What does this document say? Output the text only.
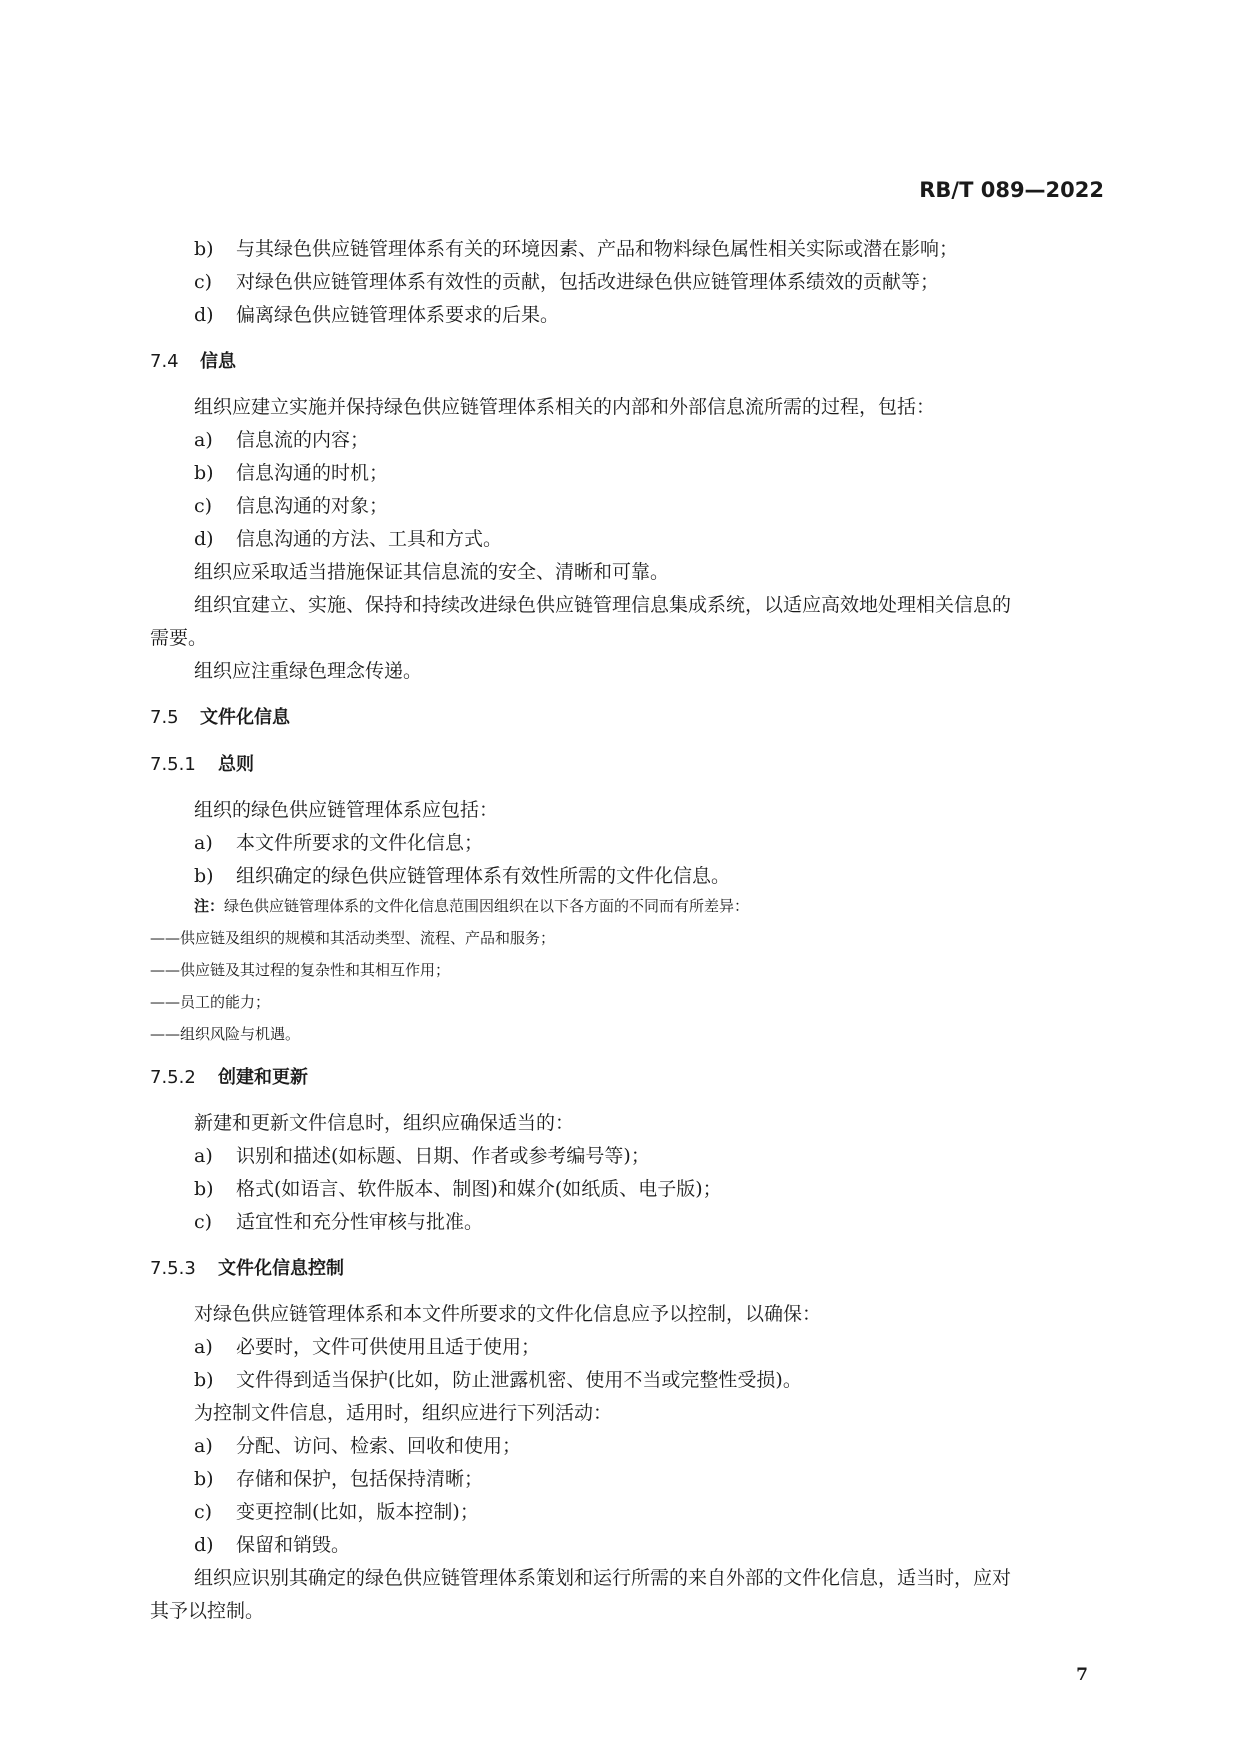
RB/T 089—2022
b)	与其绿色供应链管理体系有关的环境因素、产品和物料绿色属性相关实际或潜在影响；
c)	对绿色供应链管理体系有效性的贡献，包括改进绿色供应链管理体系绩效的贡献等；
d)	偏离绿色供应链管理体系要求的后果。
7.4 信息
组织应建立实施并保持绿色供应链管理体系相关的内部和外部信息流所需的过程，包括：
a)	信息流的内容；
b)	信息沟通的时机；
c)	信息沟通的对象；
d)	信息沟通的方法、工具和方式。
组织应采取适当措施保证其信息流的安全、清晰和可靠。
组织宜建立、实施、保持和持续改进绿色供应链管理信息集成系统，以适应高效地处理相关信息的
需要。
组织应注重绿色理念传递。
7.5 文件化信息
7.5.1 总则
组织的绿色供应链管理体系应包括：
a)	本文件所要求的文件化信息；
b)	组织确定的绿色供应链管理体系有效性所需的文件化信息。
注：绿色供应链管理体系的文件化信息范围因组织在以下各方面的不同而有所差异：
——供应链及组织的规模和其活动类型、流程、产品和服务；
——供应链及其过程的复杂性和其相互作用；
——员工的能力；
——组织风险与机遇。
7.5.2 创建和更新
新建和更新文件信息时，组织应确保适当的：
a)	识别和描述(如标题、日期、作者或参考编号等)；
b)	格式(如语言、软件版本、制图)和媒介(如纸质、电子版)；
c)	适宜性和充分性审核与批准。
7.5.3 文件化信息控制
对绿色供应链管理体系和本文件所要求的文件化信息应予以控制，以确保：
a)	必要时，文件可供使用且适于使用；
b)	文件得到适当保护(比如，防止泄露机密、使用不当或完整性受损)。
为控制文件信息，适用时，组织应进行下列活动：
a)	分配、访问、检索、回收和使用；
b)	存储和保护，包括保持清晰；
c)	变更控制(比如，版本控制)；
d)	保留和销毁。
组织应识别其确定的绿色供应链管理体系策划和运行所需的来自外部的文件化信息，适当时，应对
其予以控制。
7
